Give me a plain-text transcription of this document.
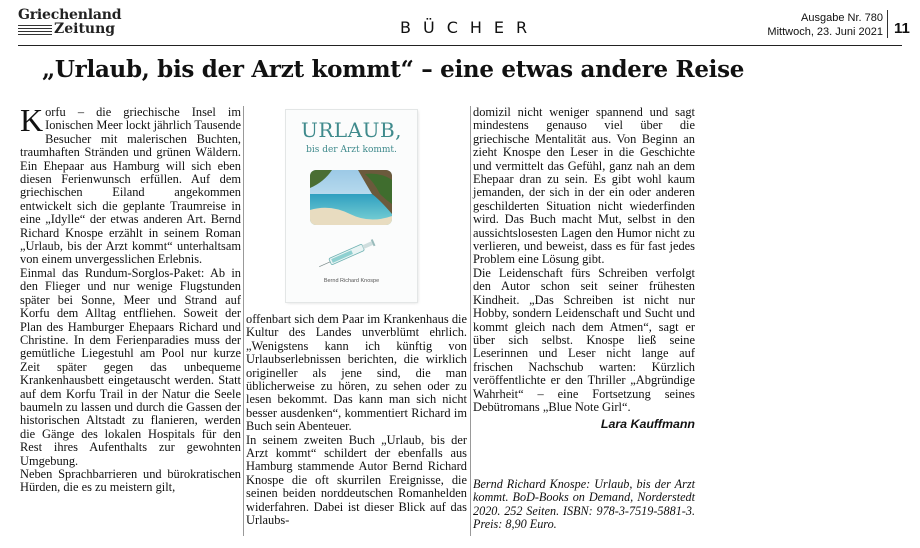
Griechenland
Zeitung	BÜCHER	Ausgabe Nr. 780
Mittwoch, 23. Juni 2021 11
„Urlaub, bis der Arzt kommt“ – eine etwas andere Reise

Korfu – die griechische Insel im Ionischen Meer lockt jährlich Tausende Besucher mit malerischen Buchten, traumhaften Stränden und grünen Wäldern. Ein Ehepaar aus Hamburg will sich eben diesen Ferienwunsch erfüllen. Auf dem griechischen Eiland angekommen entwickelt sich die geplante Traumreise in eine „Idylle“ der etwas anderen Art. Bernd Richard Knospe erzählt in seinem Roman „Urlaub, bis der Arzt kommt“ unterhaltsam von einem unvergesslichen Erlebnis.

Einmal das Rundum-Sorglos-Paket: Ab in den Flieger und nur wenige Flugstunden später bei Sonne, Meer und Strand auf Korfu dem Alltag entfliehen. Soweit der Plan des Hamburger Ehepaars Richard und Christine. In dem Ferienparadies muss der gemütliche Liegestuhl am Pool nur kurze Zeit später gegen das unbequeme Krankenhausbett eingetauscht werden. Statt auf dem Korfu Trail in der Natur die Seele baumeln zu lassen und durch die Gassen der historischen Altstadt zu flanieren, werden die Gänge des lokalen Hospitals für den Rest ihres Aufenthalts zur gewohnten Umgebung.

Neben Sprachbarrieren und bürokratischen Hürden, die es zu meistern gilt,

URLAUB,
bis der Arzt kommt.
Bernd Richard Knospe

offenbart sich dem Paar im Krankenhaus die Kultur des Landes unverblümt ehrlich. „Wenigstens kann ich künftig von Urlaubserlebnissen berichten, die wirklich origineller als jene sind, die man üblicherweise zu hören, zu sehen oder zu lesen bekommt. Das kann man sich nicht besser ausdenken“, kommentiert Richard im Buch sein Abenteuer.

In seinem zweiten Buch „Urlaub, bis der Arzt kommt“ schildert der ebenfalls aus Hamburg stammende Autor Bernd Richard Knospe die oft skurrilen Ereignisse, die seinen beiden norddeutschen Romanhelden widerfahren. Dabei ist dieser Blick auf das Urlaubs-

domizil nicht weniger spannend und sagt mindestens genauso viel über die griechische Mentalität aus. Von Beginn an zieht Knospe den Leser in die Geschichte und vermittelt das Gefühl, ganz nah an dem Ehepaar dran zu sein. Es gibt wohl kaum jemanden, der sich in der ein oder anderen geschilderten Situation nicht wiederfinden wird. Das Buch macht Mut, selbst in den aussichtslosesten Lagen den Humor nicht zu verlieren, und beweist, dass es für fast jedes Problem eine Lösung gibt.

Die Leidenschaft fürs Schreiben verfolgt den Autor schon seit seiner frühesten Kindheit. „Das Schreiben ist nicht nur Hobby, sondern Leidenschaft und Sucht und kommt gleich nach dem Atmen“, sagt er über sich selbst. Knospe ließ seine Leserinnen und Leser nicht lange auf frischen Nachschub warten: Kürzlich veröffentlichte er den Thriller „Abgründige Wahrheit“ – eine Fortsetzung seines Debütromans „Blue Note Girl“.

Lara Kauffmann

Bernd Richard Knospe: Urlaub, bis der Arzt kommt. BoD-Books on Demand, Norderstedt 2020. 252 Seiten. ISBN: 978-3-7519-5881-3. Preis: 8,90 Euro.
